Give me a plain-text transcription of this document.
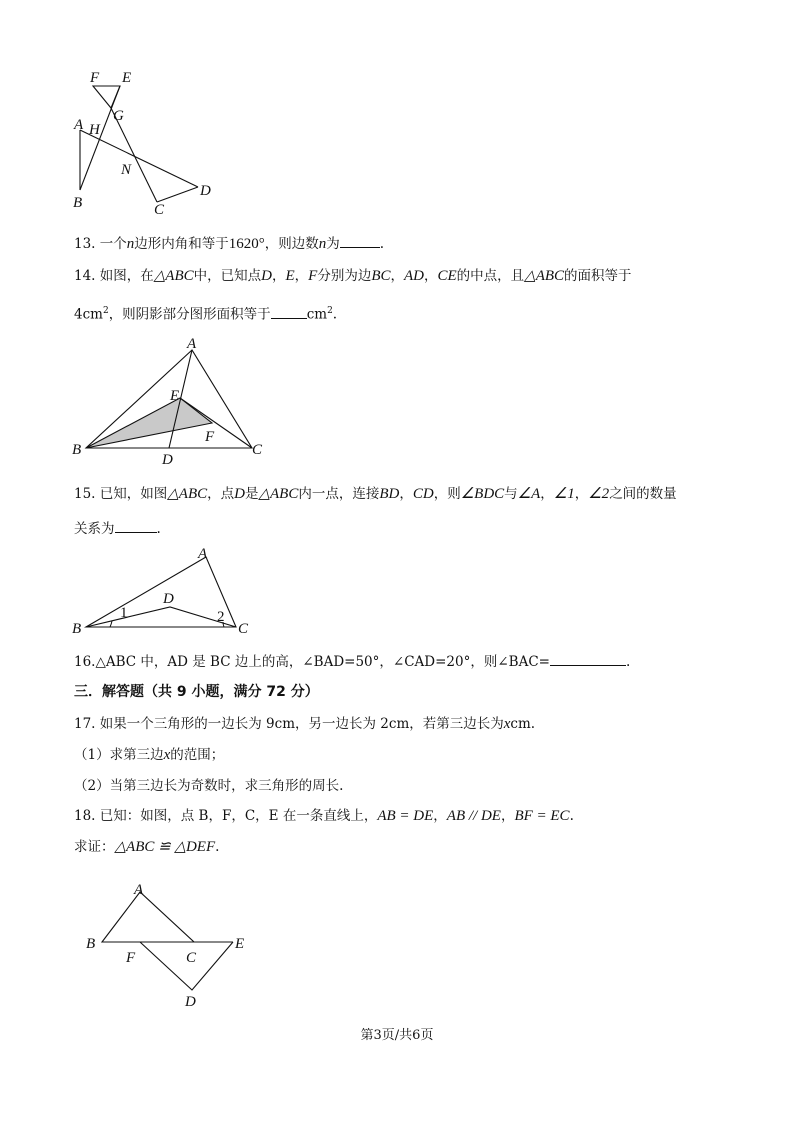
F E
G
A H
N
D
B	C
13. 一个n边形内角和等于1620°，则边数n为	.
14. 如图，在△ABC中，已知点D，E，F分别为边BC，AD，CE的中点，且△ABC的面积等于
$4cm^2$，则阴影部分图形面积等于	$cm^2$.
A
E
F
B
D
C
15. 已知，如图△ABC，点D是△ABC内一点，连接BD，CD，则∠BDC与∠A，∠1，∠2之间的数量
关系为	.
A
D
1	2
B	C
16.△ABC 中，AD 是 BC 边上的高，∠BAD=50°，∠CAD=20°，则∠BAC=	.
三．解答题（共 9 小题，满分 72 分）
17. 如果一个三角形的一边长为 9cm，另一边长为 2cm，若第三边长为xcm.
（1）求第三边x的范围；
（2）当第三边长为奇数时，求三角形的周长.
18. 已知：如图，点 B，F，C，E 在一条直线上，AB = DE，AB // DE，BF = EC.
求证：△ABC ≌ △DEF.
A
B
F	C
E
D
第3页/共6页
